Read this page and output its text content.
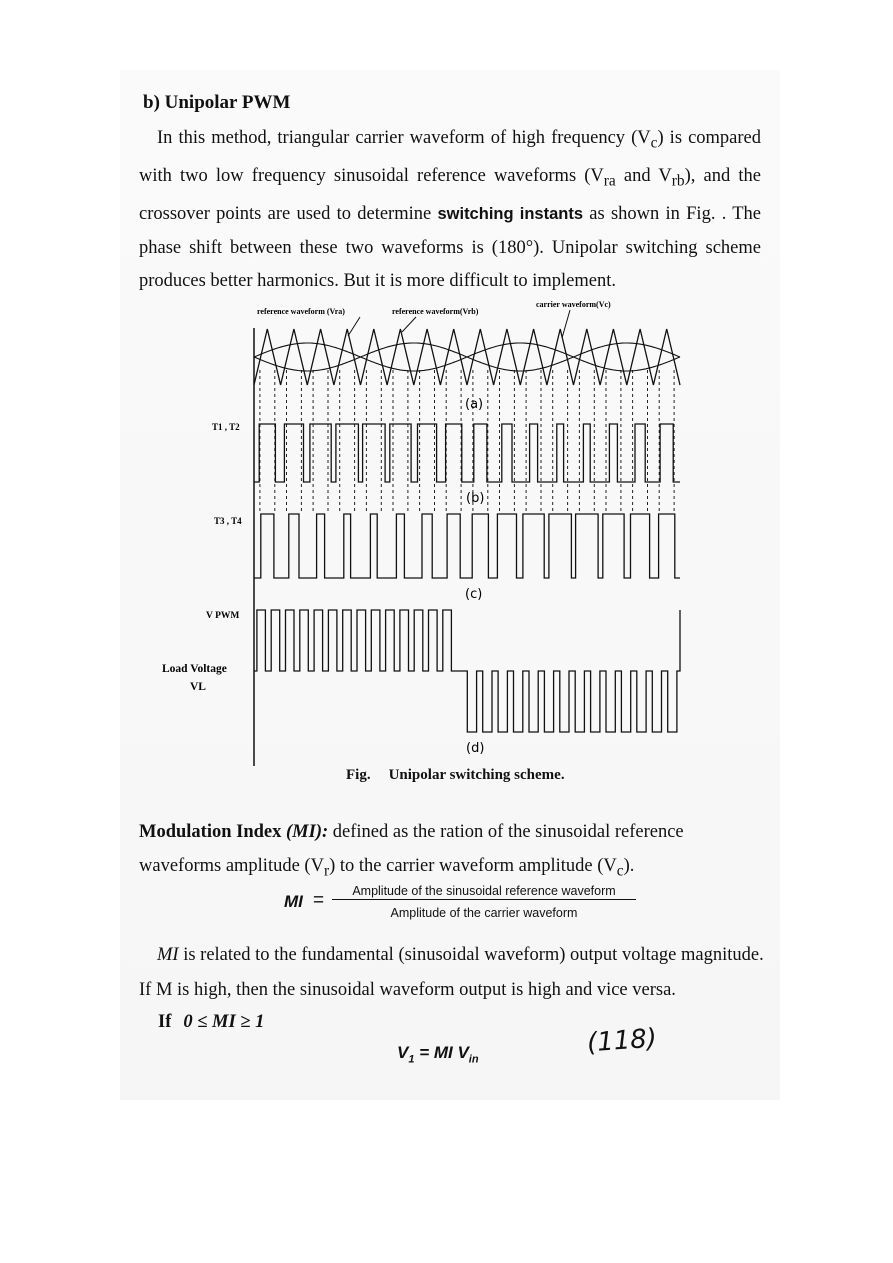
b) Unipolar PWM
In this method, triangular carrier waveform of high frequency $(V_c)$ is compared with two low frequency sinusoidal reference waveforms ($V_{ra}$ and $V_{rb}$), and the crossover points are used to determine switching instants as shown in Fig. . The phase shift between these two waveforms is (180°). Unipolar switching scheme produces better harmonics. But it is more difficult to implement.
reference waveform (Vra)	reference waveform(Vrb)
carrier waveform(Vc)
T1 , T2
T3 , T4
V PWM
Load Voltage
VL
(a)
(b)
(c)
(d)
Fig. Unipolar switching scheme.
Modulation Index (MI): defined as the ration of the sinusoidal reference waveforms amplitude $(V_r)$ to the carrier waveform amplitude $(V_c)$.
MI =	Amplitude of the sinusoidal reference waveform
Amplitude of the carrier waveform
MI is related to the fundamental (sinusoidal waveform) output voltage magnitude. If M is high, then the sinusoidal waveform output is high and vice versa.
If 0 ≤ MI ≥ 1
$V_1$ = MI $V_{in}$
(118)
